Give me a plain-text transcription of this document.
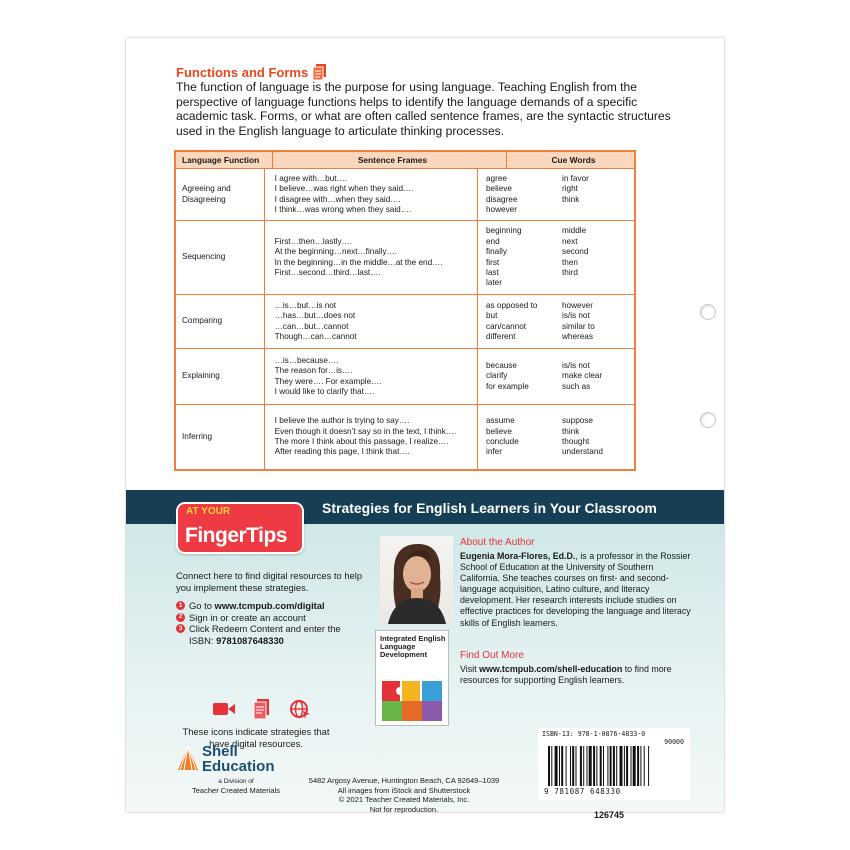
Functions and Forms

The function of language is the purpose for using language. Teaching English from the perspective of language functions helps to identify the language demands of a specific academic task. Forms, or what are often called sentence frames, are the syntactic structures used in the English language to articulate thinking processes.

Language Function	Sentence Frames	Cue Words
Agreeing and Disagreeing
I agree with…but….
I believe…was right when they said….
I disagree with…when they said….
I think…was wrong when they said….
agree
believe
disagree
however
in favor
right
think
Sequencing
First…then…lastly….
At the beginning…next…finally….
In the beginning…in the middle…at the end….
First…second…third…last….
beginning
end
finally
first
last
later
middle
next
second
then
third
Comparing
…is…but…is not
…has…but…does not
…can…but…cannot
Though…can…cannot
as opposed to
but
can/cannot
different
however
is/is not
similar to
whereas
Explaining
…is…because….
The reason for…is….
They were…. For example….
I would like to clarify that….
because
clarify
for example
is/is not
make clear
such as
Inferring
I believe the author is trying to say….
Even though it doesn’t say so in the text, I think….
The more I think about this passage, I realize….
After reading this page, I think that….
assume
believe
conclude
infer
suppose
think
thought
understand
Strategies for English Learners in Your Classroom
AT YOUR
FingerTips

Connect here to find digital resources to help you implement these strategies.

1 Go to www.tcmpub.com/digital
2 Sign in or create an account
3 Click Redeem Content and enter the ISBN: 9781087648330

These icons indicate strategies that have digital resources.

Integrated English Language Development

About the Author

Eugenia Mora-Flores, Ed.D., is a professor in the Rossier School of Education at the University of Southern California. She teaches courses on first- and second-language acquisition, Latino culture, and literacy development. Her research interests include studies on effective practices for developing the language and literacy skills of English learners.

Find Out More

Visit www.tcmpub.com/shell-education to find more resources for supporting English learners.

Shell Education
a Division of
Teacher Created Materials
5482 Argosy Avenue, Huntington Beach, CA 92649–1039
All images from iStock and Shutterstock
© 2021 Teacher Created Materials, Inc.
Not for reproduction.
ISBN-13: 978-1-0876-4833-0
90000
9 781087 648330
126745
